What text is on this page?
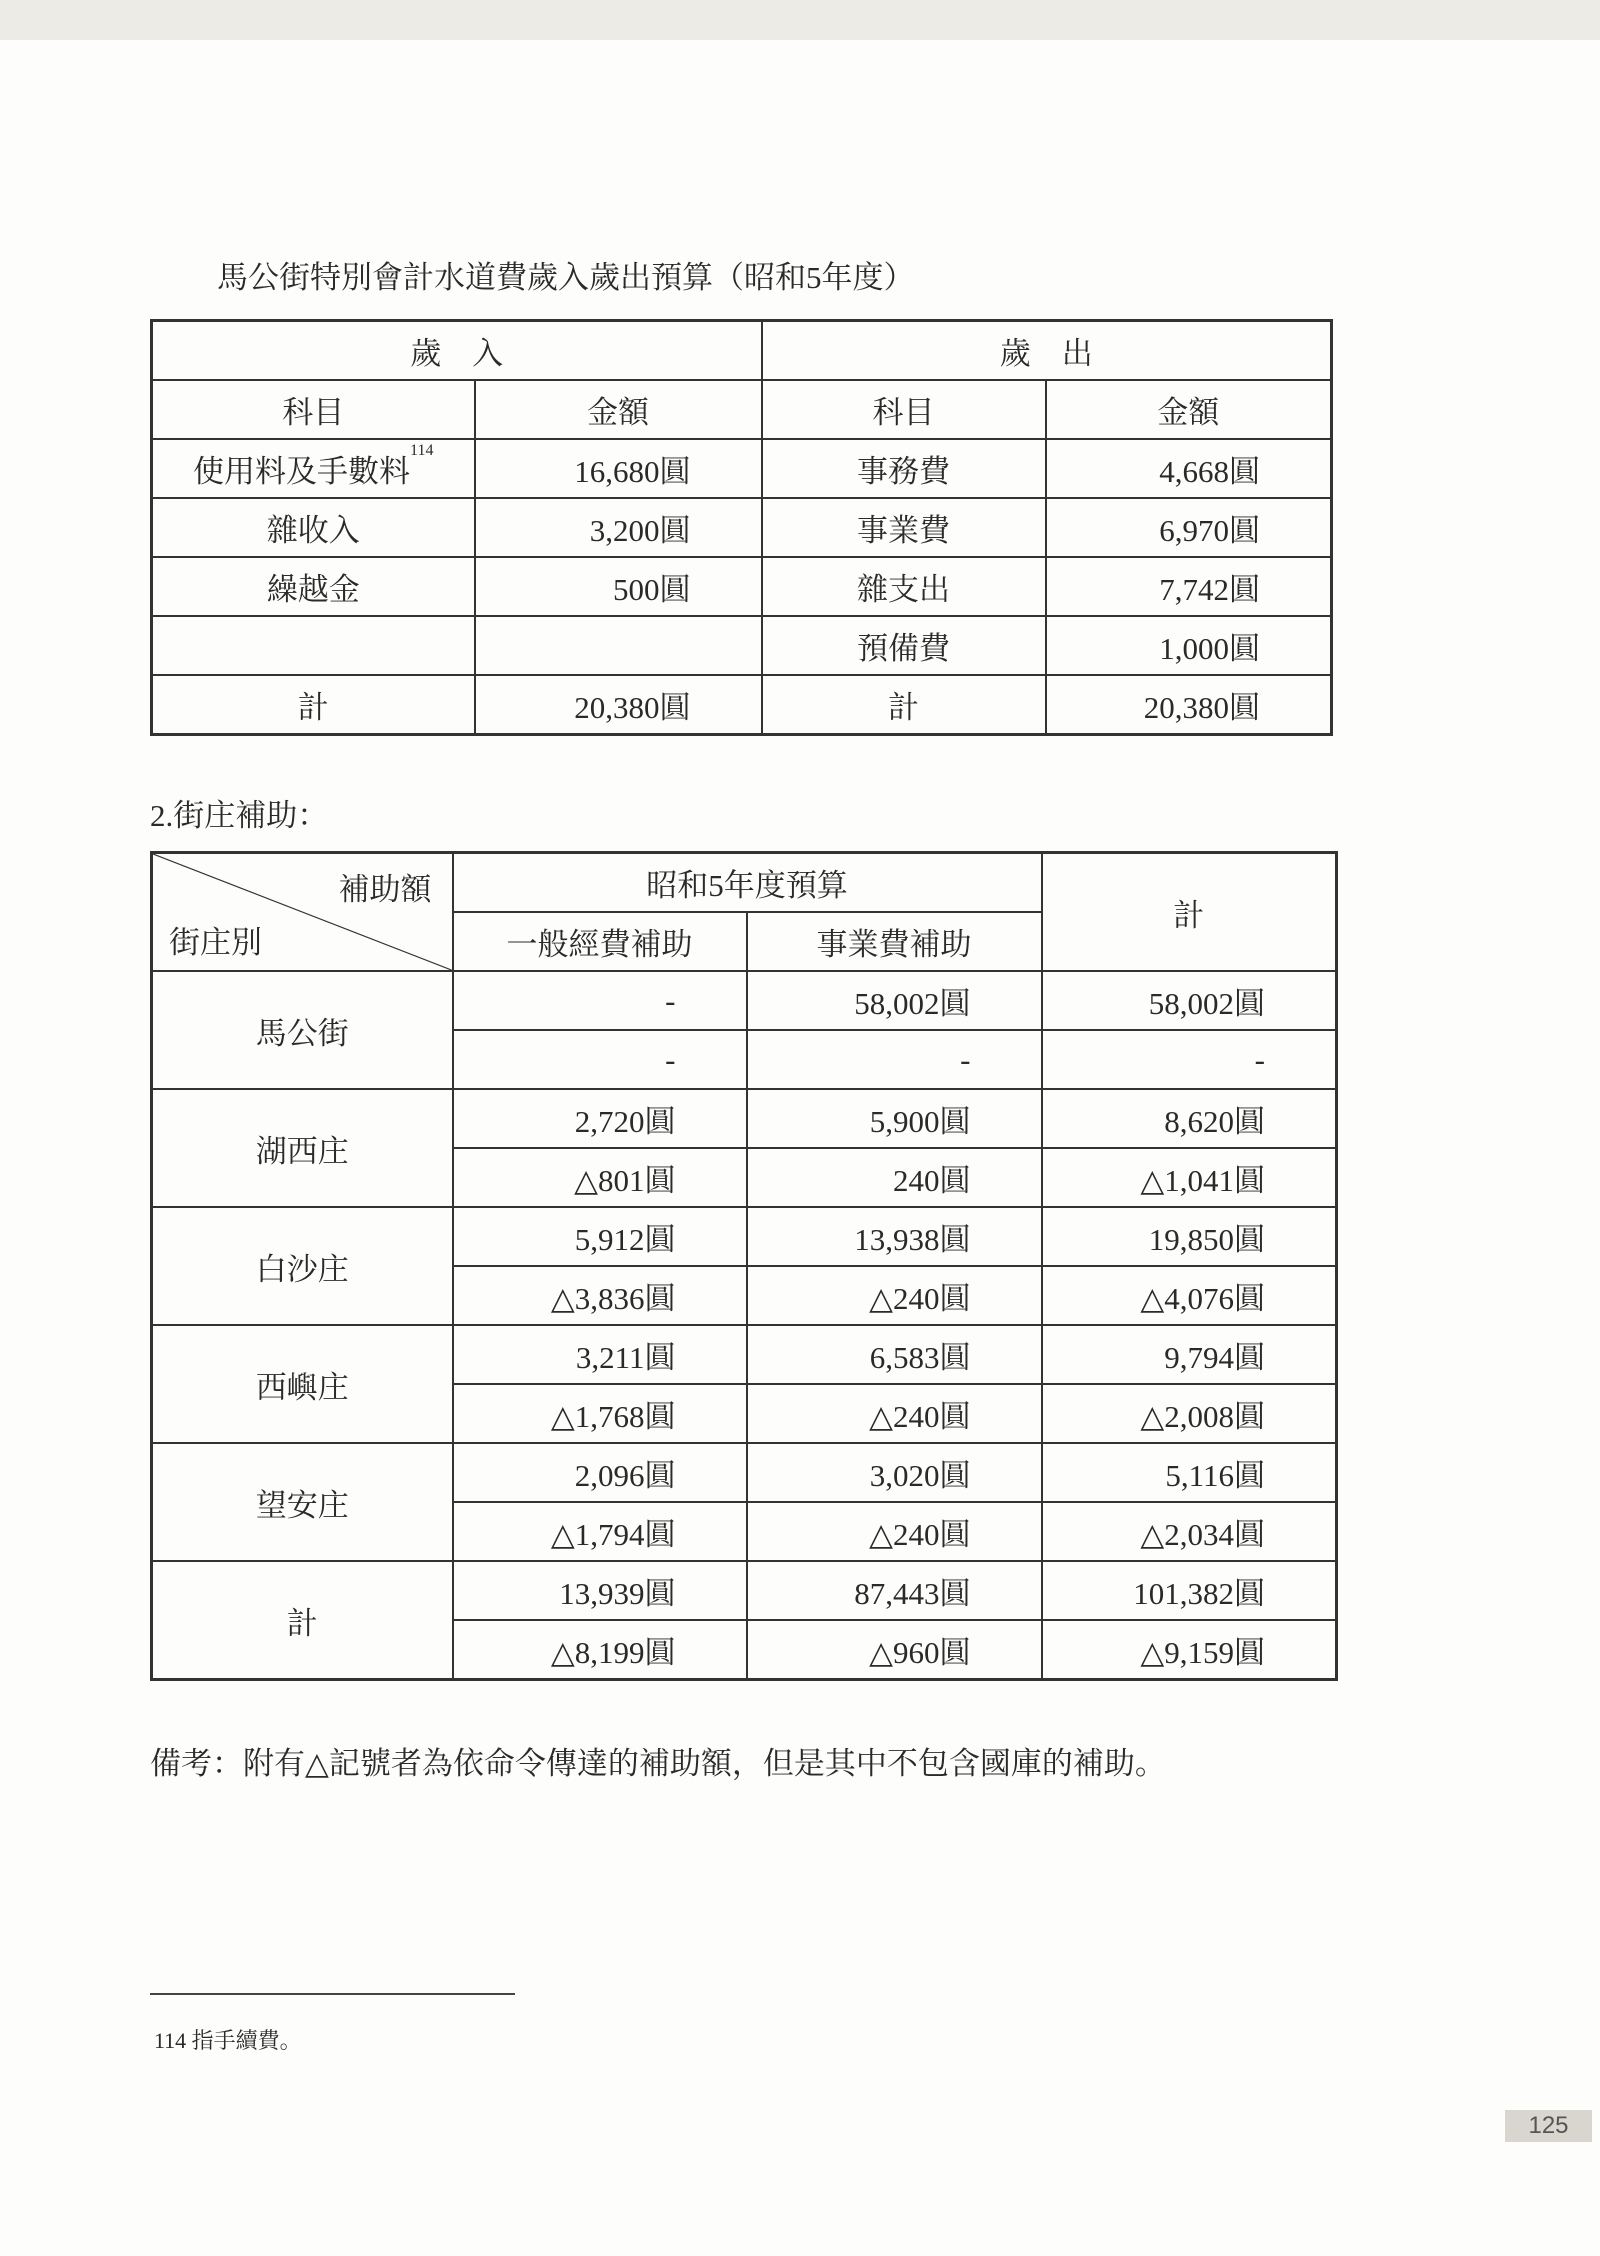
馬公街特別會計水道費歲入歲出預算（昭和5年度）
歲　入		歲　出	
科目	金額	科目	金額
使用料及手數料$^{114}$	16,680圓	事務費	4,668圓
雜收入	3,200圓	事業費	6,970圓
繰越金	500圓	雜支出	7,742圓
		預備費	1,000圓
計	20,380圓	計	20,380圓
2.街庄補助：
補助額
街庄別	昭和5年度預算		計
	一般經費補助	事業費補助	
馬公街	-	58,002圓	58,002圓
	-	-	-
湖西庄	2,720圓	5,900圓	8,620圓
	△801圓	240圓	△1,041圓
白沙庄	5,912圓	13,938圓	19,850圓
	△3,836圓	△240圓	△4,076圓
西嶼庄	3,211圓	6,583圓	9,794圓
	△1,768圓	△240圓	△2,008圓
望安庄	2,096圓	3,020圓	5,116圓
	△1,794圓	△240圓	△2,034圓
計	13,939圓	87,443圓	101,382圓
	△8,199圓	△960圓	△9,159圓
備考：附有△記號者為依命令傳達的補助額，但是其中不包含國庫的補助。
114 指手續費。
125
